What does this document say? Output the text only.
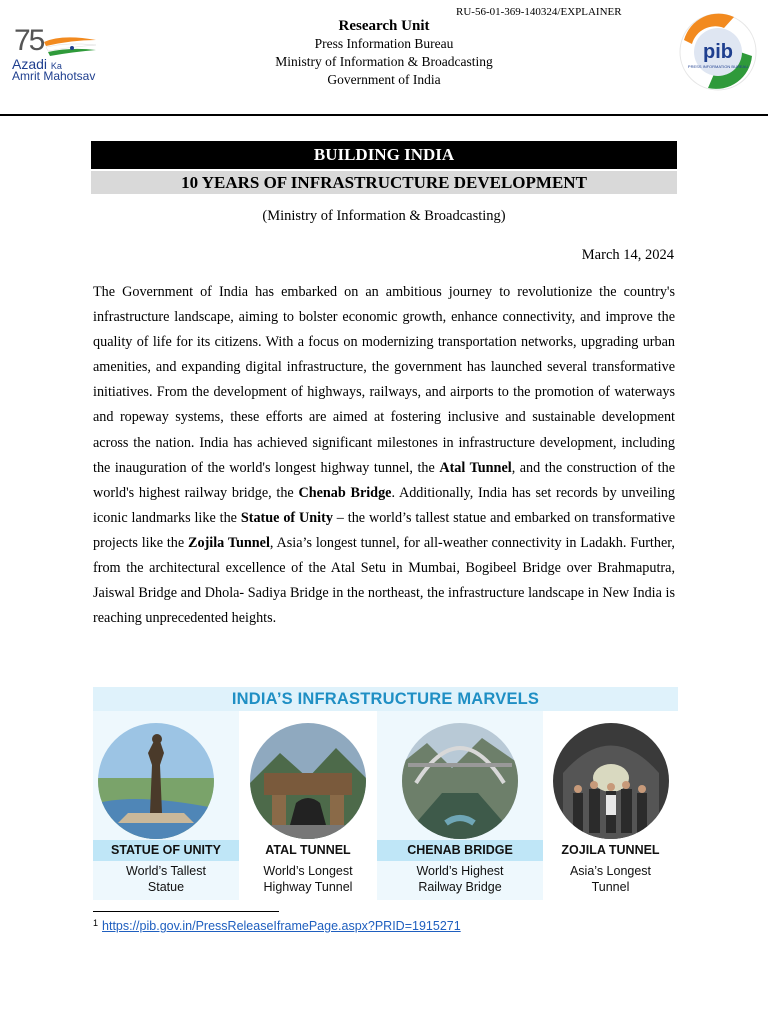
RU-56-01-369-140324/EXPLAINER
75
Azadi Ka
Amrit Mahotsav
Research Unit
Press Information Bureau
Ministry of Information & Broadcasting
Government of India
pib
PRESS INFORMATION BUREAU
BUILDING INDIA
10 YEARS OF INFRASTRUCTURE DEVELOPMENT
(Ministry of Information & Broadcasting)
March 14, 2024
The Government of India has embarked on an ambitious journey to revolutionize the country's infrastructure landscape, aiming to bolster economic growth, enhance connectivity, and improve the quality of life for its citizens. With a focus on modernizing transportation networks, upgrading urban amenities, and expanding digital infrastructure, the government has launched several transformative initiatives. From the development of highways, railways, and airports to the promotion of waterways and ropeway systems, these efforts are aimed at fostering inclusive and sustainable development across the nation. India has achieved significant milestones in infrastructure development, including the inauguration of the world's longest highway tunnel, the Atal Tunnel, and the construction of the world's highest railway bridge, the Chenab Bridge. Additionally, India has set records by unveiling iconic landmarks like the Statue of Unity – the world’s tallest statue and embarked on transformative projects like the Zojila Tunnel, Asia’s longest tunnel, for all-weather connectivity in Ladakh. Further, from the architectural excellence of the Atal Setu in Mumbai, Bogibeel Bridge over Brahmaputra, Jaiswal Bridge and Dhola- Sadiya Bridge in the northeast, the infrastructure landscape in New India is reaching unprecedented heights.
INDIA’S INFRASTRUCTURE MARVELS
STATUE OF UNITY
World’s Tallest
Statue
ATAL TUNNEL
World’s Longest
Highway Tunnel
CHENAB BRIDGE
World’s Highest
Railway Bridge
ZOJILA TUNNEL
Asia’s Longest
Tunnel
$^1$ https://pib.gov.in/PressReleaseIframePage.aspx?PRID=1915271
